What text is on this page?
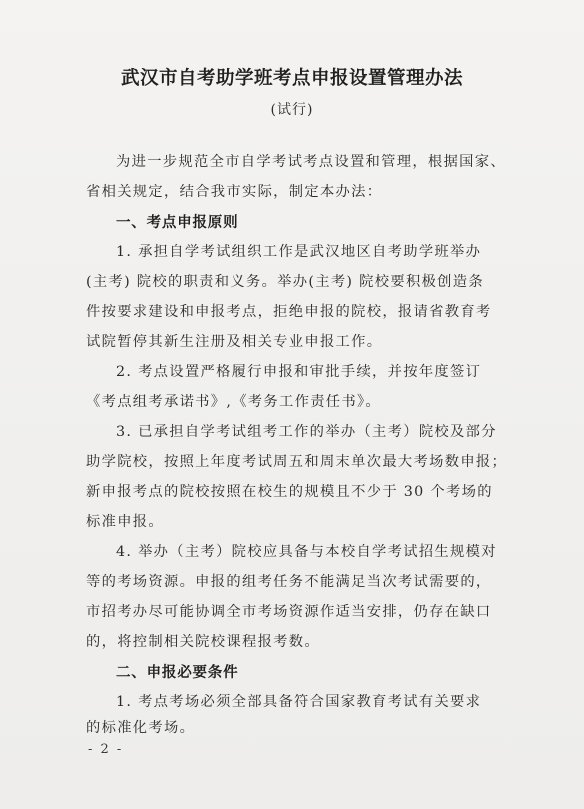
武汉市自考助学班考点申报设置管理办法
(试行)
为进一步规范全市自学考试考点设置和管理，根据国家、
省相关规定，结合我市实际，制定本办法：
一、考点申报原则
1. 承担自学考试组织工作是武汉地区自考助学班举办
(主考) 院校的职责和义务。举办(主考) 院校要积极创造条
件按要求建设和申报考点，拒绝申报的院校，报请省教育考
试院暂停其新生注册及相关专业申报工作。
2. 考点设置严格履行申报和审批手续，并按年度签订
《考点组考承诺书》,《考务工作责任书》。
3. 已承担自学考试组考工作的举办（主考）院校及部分
助学院校，按照上年度考试周五和周末单次最大考场数申报；
新申报考点的院校按照在校生的规模且不少于 30 个考场的
标准申报。
4. 举办（主考）院校应具备与本校自学考试招生规模对
等的考场资源。申报的组考任务不能满足当次考试需要的，
市招考办尽可能协调全市考场资源作适当安排，仍存在缺口
的，将控制相关院校课程报考数。
二、申报必要条件
1. 考点考场必须全部具备符合国家教育考试有关要求
的标准化考场。
- 2 -
